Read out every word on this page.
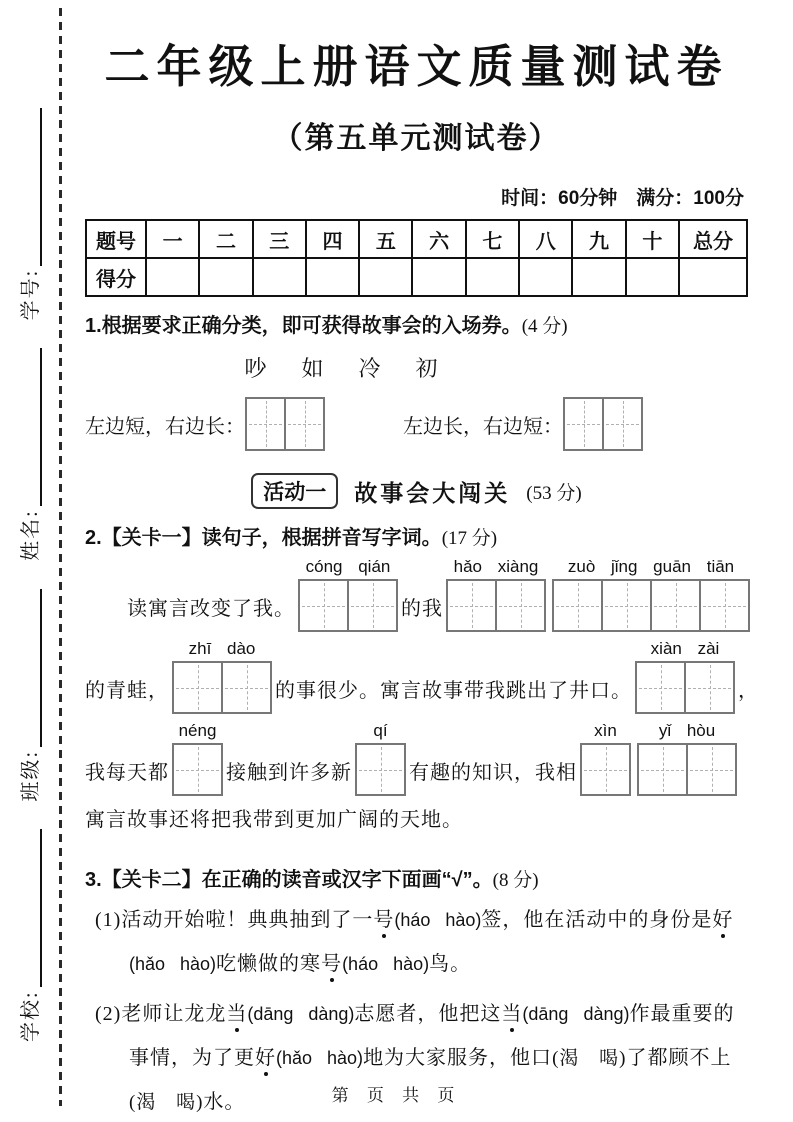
学校:
班级:
姓名:
学号:
二年级上册语文质量测试卷
（第五单元测试卷）
时间：60分钟　满分：100分
题号	一	二	三	四	五	六	七	八	九	十	总分
得分											
1.根据要求正确分类，即可获得故事会的入场券。(4 分)
吵 如 冷 初
左边短，右边长：	左边长，右边短：
活动一	故事会大闯关 (53 分)
2.【关卡一】读句子，根据拼音写字词。(17 分)
读寓言改变了我。
cóng qián
的我
hǎo xiàng zuò jǐng guān tiān
的青蛙，
zhī dào
的事很少。寓言故事带我跳出了井口。
xiàn zài
，
我每天都
néng
接触到许多新
qí
有趣的知识，我相
xìn yǐ hòu
寓言故事还将把我带到更加广阔的天地。
3.【关卡二】在正确的读音或汉字下面画“√”。(8 分)
(1)活动开始啦！典典抽到了一号(háo hào)签，他在活动中的身份是好(hǎo hào)吃懒做的寒号(háo hào)鸟。
(2)老师让龙龙当(dāng dàng)志愿者，他把这当(dāng dàng)作最重要的事情，为了更好(hǎo hào)地为大家服务，他口(渴 喝)了都顾不上(渴 喝)水。	第 页 共 页
